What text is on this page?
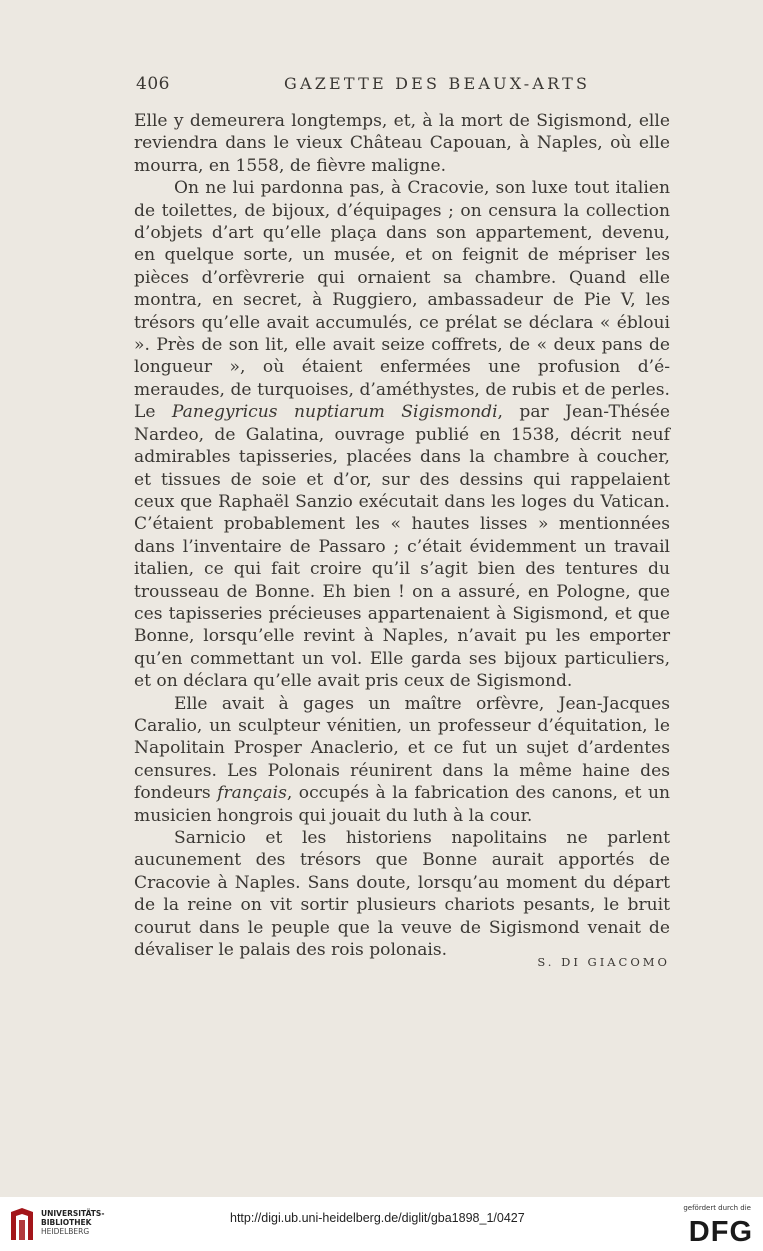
406	GAZETTE DES BEAUX-ARTS

Elle y demeurera longtemps, et, à la mort de Sigismond, elle reviendra dans le vieux Château Capouan, à Naples, où elle mourra, en 1558, de fièvre maligne.

On ne lui pardonna pas, à Cracovie, son luxe tout italien de toilettes, de bijoux, d’équipages ; on censura la collection d’objets d’art qu’elle plaça dans son appartement, devenu, en quelque sorte, un musée, et on feignit de mépriser les pièces d’orfèvrerie qui ornaient sa chambre. Quand elle montra, en secret, à Ruggiero, ambassadeur de Pie V, les trésors qu’elle avait accumulés, ce prélat se déclara « ébloui ». Près de son lit, elle avait seize coffrets, de « deux pans de longueur », où étaient enfermées une profusion d’émeraudes, de turquoises, d’améthystes, de rubis et de perles. Le Panegyricus nuptiarum Sigismondi, par Jean-Thésée Nardeo, de Galatina, ouvrage publié en 1538, décrit neuf admirables tapisseries, placées dans la chambre à coucher, et tissues de soie et d’or, sur des dessins qui rappelaient ceux que Raphaël Sanzio exécutait dans les loges du Vatican. C’étaient probablement les « hautes lisses » mentionnées dans l’inventaire de Passaro ; c’était évidemment un travail italien, ce qui fait croire qu’il s’agit bien des tentures du trousseau de Bonne. Eh bien ! on a assuré, en Pologne, que ces tapisseries précieuses appartenaient à Sigismond, et que Bonne, lorsqu’elle revint à Naples, n’avait pu les emporter qu’en commettant un vol. Elle garda ses bijoux particuliers, et on déclara qu’elle avait pris ceux de Sigismond.

Elle avait à gages un maître orfèvre, Jean-Jacques Caralio, un sculpteur vénitien, un professeur d’équitation, le Napolitain Prosper Anaclerio, et ce fut un sujet d’ardentes censures. Les Polonais réunirent dans la même haine des fondeurs français, occupés à la fabrication des canons, et un musicien hongrois qui jouait du luth à la cour.

Sarnicio et les historiens napolitains ne parlent aucunement des trésors que Bonne aurait apportés de Cracovie à Naples. Sans doute, lorsqu’au moment du départ de la reine on vit sortir plusieurs chariots pesants, le bruit courut dans le peuple que la veuve de Sigismond venait de dévaliser le palais des rois polonais.

S. DI GIACOMO
UNIVERSITÄTS-
BIBLIOTHEK
HEIDELBERG
http://digi.ub.uni-heidelberg.de/diglit/gba1898_1/0427
gefördert durch die
DFG
